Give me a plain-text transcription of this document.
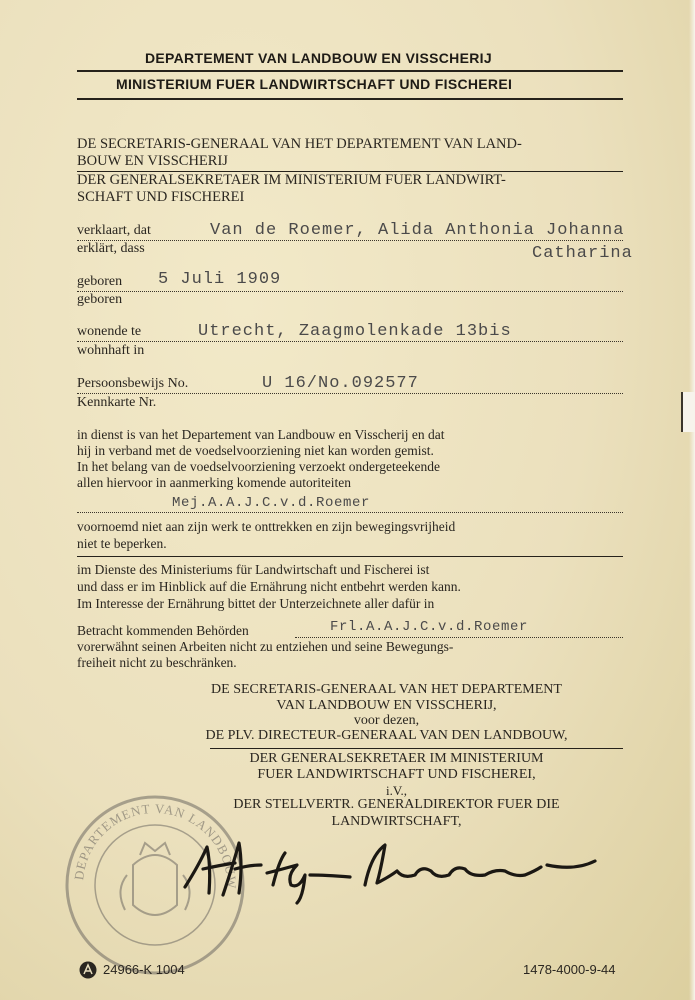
DEPARTEMENT VAN LANDBOUW EN VISSCHERIJ
MINISTERIUM FUER LANDWIRTSCHAFT UND FISCHEREI
DE SECRETARIS-GENERAAL VAN HET DEPARTEMENT VAN LAND-
BOUW EN VISSCHERIJ
DER GENERALSEKRETAER IM MINISTERIUM FUER LANDWIRT-
SCHAFT UND FISCHEREI
verklaart, dat
erklärt, dass
Van de Roemer, Alida Anthonia Johanna
Catharina
geboren
geboren
5 Juli 1909
wonende te
wohnhaft in
Utrecht, Zaagmolenkade 13bis
Persoonsbewijs No.
Kennkarte Nr.
U 16/No.092577
in dienst is van het Departement van Landbouw en Visscherij en dat
hij in verband met de voedselvoorziening niet kan worden gemist.
In het belang van de voedselvoorziening verzoekt ondergeteekende
allen hiervoor in aanmerking komende autoriteiten
Mej.A.A.J.C.v.d.Roemer
voornoemd niet aan zijn werk te onttrekken en zijn bewegingsvrijheid
niet te beperken.
im Dienste des Ministeriums für Landwirtschaft und Fischerei ist
und dass er im Hinblick auf die Ernährung nicht entbehrt werden kann.
Im Interesse der Ernährung bittet der Unterzeichnete aller dafür in
Betracht kommenden Behörden	Frl.A.A.J.C.v.d.Roemer
vorerwähnt seinen Arbeiten nicht zu entziehen und seine Bewegungs-
freiheit nicht zu beschränken.
DE SECRETARIS-GENERAAL VAN HET DEPARTEMENT
VAN LANDBOUW EN VISSCHERIJ,
voor dezen,
DE PLV. DIRECTEUR-GENERAAL VAN DEN LANDBOUW,
DER GENERALSEKRETAER IM MINISTERIUM
FUER LANDWIRTSCHAFT UND FISCHEREI,
i.V.,
DER STELLVERTR. GENERALDIREKTOR FUER DIE
LANDWIRTSCHAFT,
DEPARTEMENT VAN LANDBOUW
24966-K 1004	1478-4000-9-44
